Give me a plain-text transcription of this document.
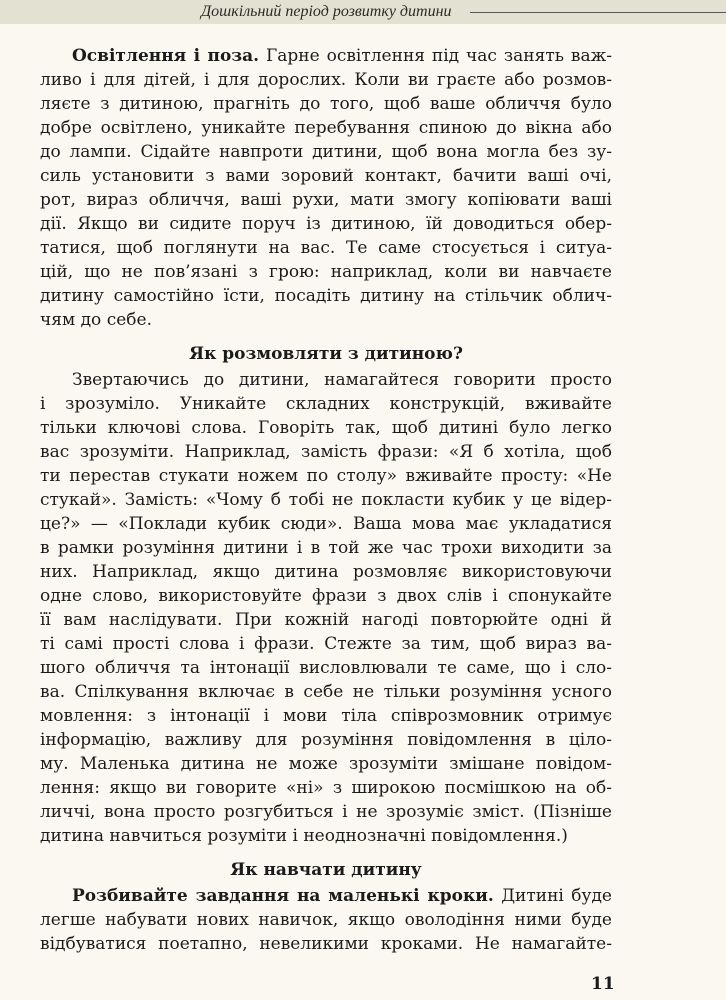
Дошкільний період розвитку дитини
Освітлення і поза. Гарне освітлення під час занять важ-
ливо і для дітей, і для дорослих. Коли ви граєте або розмов-
ляєте з дитиною, прагніть до того, щоб ваше обличчя було
добре освітлено, уникайте перебування спиною до вікна або
до лампи. Сідайте навпроти дитини, щоб вона могла без зу-
силь установити з вами зоровий контакт, бачити ваші очі,
рот, вираз обличчя, ваші рухи, мати змогу копіювати ваші
дії. Якщо ви сидите поруч із дитиною, їй доводиться обер-
татися, щоб поглянути на вас. Те саме стосується і ситуа-
цій, що не пов’язані з грою: наприклад, коли ви навчаєте
дитину самостійно їсти, посадіть дитину на стільчик облич-
чям до себе.
Як розмовляти з дитиною?
Звертаючись до дитини, намагайтеся говорити просто
і зрозуміло. Уникайте складних конструкцій, вживайте
тільки ключові слова. Говоріть так, щоб дитині було легко
вас зрозуміти. Наприклад, замість фрази: «Я б хотіла, щоб
ти перестав стукати ножем по столу» вживайте просту: «Не
стукай». Замість: «Чому б тобі не покласти кубик у це відер-
це?» — «Поклади кубик сюди». Ваша мова має укладатися
в рамки розуміння дитини і в той же час трохи виходити за
них. Наприклад, якщо дитина розмовляє використовуючи
одне слово, використовуйте фрази з двох слів і спонукайте
її вам наслідувати. При кожній нагоді повторюйте одні й
ті самі прості слова і фрази. Стежте за тим, щоб вираз ва-
шого обличчя та інтонації висловлювали те саме, що і сло-
ва. Спілкування включає в себе не тільки розуміння усного
мовлення: з інтонації і мови тіла співрозмовник отримує
інформацію, важливу для розуміння повідомлення в ціло-
му. Маленька дитина не може зрозуміти змішане повідом-
лення: якщо ви говорите «ні» з широкою посмішкою на об-
личчі, вона просто розгубиться і не зрозуміє зміст. (Пізніше
дитина навчиться розуміти і неоднозначні повідомлення.)
Як навчати дитину
Розбивайте завдання на маленькі кроки. Дитині буде
легше набувати нових навичок, якщо оволодіння ними буде
відбуватися поетапно, невеликими кроками. Не намагайте-
11
